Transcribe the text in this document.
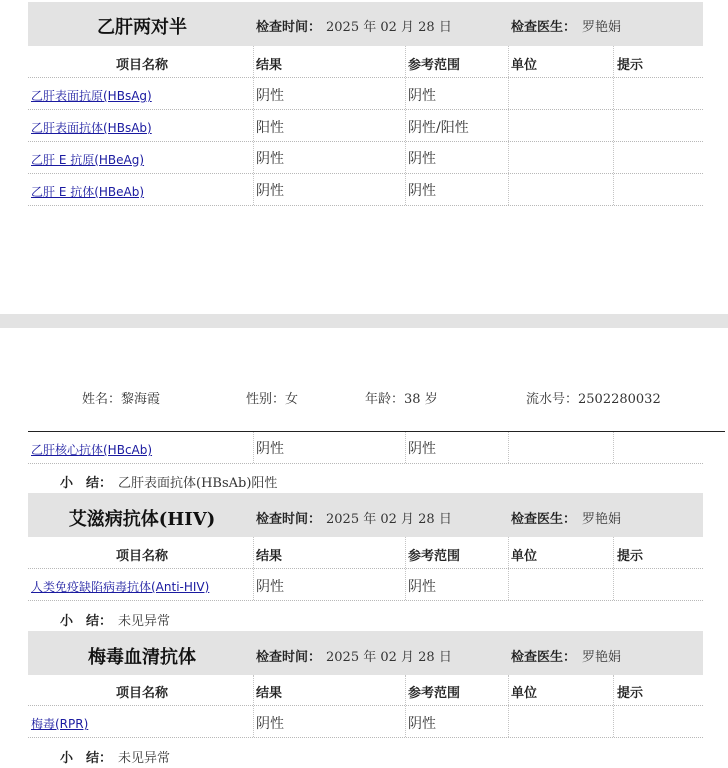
乙肝两对半	检查时间： 2025 年 02 月 28 日	检查医生： 罗艳娟
项目名称	结果	参考范围	单位	提示
乙肝表面抗原(HBsAg)	阴性	阴性
乙肝表面抗体(HBsAb)	阳性	阴性/阳性
乙肝 E 抗原(HBeAg)	阴性	阴性
乙肝 E 抗体(HBeAb)	阴性	阴性
姓名：黎海霞	性别：女	年龄：38 岁	流水号：2502280032
乙肝核心抗体(HBcAb)	阴性	阴性
小　结： 乙肝表面抗体(HBsAb)阳性
艾滋病抗体(HIV)	检查时间： 2025 年 02 月 28 日	检查医生： 罗艳娟
项目名称	结果	参考范围	单位	提示
人类免疫缺陷病毒抗体(Anti-HIV)	阴性	阴性
小　结： 未见异常
梅毒血清抗体	检查时间： 2025 年 02 月 28 日	检查医生： 罗艳娟
项目名称	结果	参考范围	单位	提示
梅毒(RPR)	阴性	阴性
小　结： 未见异常
